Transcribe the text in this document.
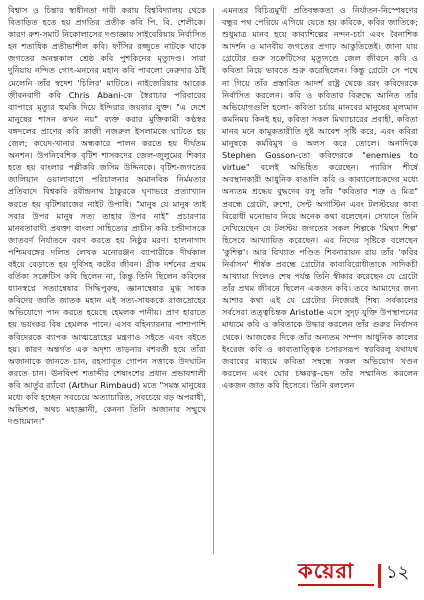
বিশ্বাস ও চিন্তার স্বাধীনতা দাবী করায় বিশ্ববিদ্যালয় থেকে বিতাড়িত হতে হয় প্রগতির প্রতীক কবি পি. বি. শেলীকে। কারণ রুশ-সমাট নিকোলাসের দণ্ডাজ্ঞায় সাইবেরিয়ায় নির্বাসিত হন শতাধিক প্রতীভাশীল কবি। ফাঁসির রজ্জুতে নাটকে থাকে জগতের অনন্তকাল শ্রেষ্ঠ কবি পুশকিনের মৃত্যুদণ্ড। সারা দুনিয়ায় নন্দিত গোৎ-মননের মহান কবি পাবলো নেরুদার ঠাঁই মেলেনি তাঁর স্বদেশ 'চিলির' মাটিতে। নাইজেরিয়ার আরেক জীবনবাদী কবি Chris Abani-কে স্বৈরাচার পরিবারের ব্যাপারে মৃত্যুর হুমকি দিয়ে ইন্দিরার জয়বার যুক্ত। "এ দেশে মানুষের শাসন কখন নয়" ব্যক্ত করার মুক্তিকামী কণ্ঠস্বর বঙ্গদলের প্রাণের কবি কাজী নজরুল ইসলামকে ঘাটতে হয় জেল; কয়েদ-খানার অন্ধকারে পালন করতে হয় দীর্ঘতম অনশন। উপনিবেশিক বৃটিশ শাসকদের জেল-জুলুমের শিকার হতে হয় বাংলার পল্লীকবি জসিম উদ্দিনকে। বৃটিশ-জগতের জালিয়ান ওয়ালাবাগে পরিচালনার অমানবিক নির্মমতার প্রতিবাদে বিশ্বকবি রবীন্দ্রনাথ ঠাকুরকে ঘৃণাভরে প্রত্যাখ্যান করতে হয় বৃটিশরাজের নাইট উপাধি। "মানুষ যে মানুষ তাই সবার উপর মানুষ সত্য তাহার উপর নাই" প্রচারণার মানবতাবাদী প্রবক্তা বাংলা সাহিত্যের প্রাচীন কবি চন্ডীদাসকে জাতবর্ণ নির্যাতনে বরণ করতে হয় নিষ্ঠুর মরণ। হালনাগাদ পশ্চিমবঙ্গের দলিত লেখক মনোরঞ্জন ব্যাপারীকে দীর্ঘকাল বইয়ে বেড়াতে হয় দুর্বিসহ কষ্টের জীবন। গ্রীক দর্শনের প্রথম বর্তিকা সক্রেটিস কবি ছিলেন না, কিন্তু তিনি ছিলেন কবিদের ধ্যানস্বপ্নে সত্যান্বেষার সিদ্ধিপুরুষ, জ্ঞানান্বেষার মুগ্ধ সাধক কবিদের জাতি জাতক মহান এই সত্য-সাধককে রাজদ্রোহের অভিযোগে পান করতে হয়েছে হেমলক পানীয়। প্রাণ হারাতে হয় ভয়ংকর বিষ হেমলক পানে। এসব বহিন্যারনার পাশাপাশি কবিদেরকে ব্যাপক আত্মদ্রোহের মন্ত্রণাও সইতে এবং বইতে হয়। কারণ অন্তর্গত এক অদৃশ্য তাড়নার বশবর্তী হয়ে তাঁরা অজানাকে জানতে চান, রহস্যাবৃত গোপন সত্তাকে উদঘাটন করতে চান। ঊনবিংশ শতাব্দীর শেষাংশের প্রধান প্রভাবশালী কবি আর্তুর র‍্যাঁবো (Arthur Rimbaud) মতে "সমস্ত মানুষের মধ্যে কবি হচ্ছেন সবচেয়ে অত্যাচারিত, সবচেয়ে বড় অপরাধী, অভিশপ্ত, অথচ মহাজ্ঞানী, কেননা তিনি অজানার সম্মুখে দণ্ডায়মান।"

এমনতর বিচিত্রমুখী প্রতিবন্ধকতা ও নির্যাতন-নিস্পেষণের বন্ধুর পথ পেরিয়ে এগিয়ে যেতে হয় কবিকে, কবির জাতিকে; শুধুমাত্র মানব হয়ে কাব্যশিল্পের নন্দন-চর্চা এবং বৈনাশিক আদর্শন ও মানবীয় জগতের প্রগাঢ় আকুতিতেই। জানা যায় গ্রেটোর গুরু সক্রেটিসের মৃত্যুদণ্ডে জেল জীবনে কবি ও কবিতা নিয়ে ভাবতে শুরু করেছিলেন। কিন্তু গ্রেটো সে পথে না গিয়ে তাঁর প্রস্তাবিত আদর্শ রাষ্ট্র থেকে বরং কবিদেরকে নির্বাসিত করলেন। কবি ও কবিতার বিরুদ্ধে আনিত তাঁর অভিযোগগুলি হলো- কবিতা চর্চায় মানবের মানুষের মূল্যমান কমনিময় কিনই হয়, কবিতা সকল মিথ্যাচারের প্রবাহী, কবিতা মানব মনে কামুকতারীতি দুষ্ট আবেশ সৃষ্টি করে, এবং কবিরা মানুষকে কর্মবিমুখ ও অলস করে তোলে। অনাদিকে Stephen Gosson-তো কবিদেরকে "enemies to virtue" বলেই অভিহিত করেছেন। প্যারিস শীর্ষে অবস্থানকারী আধুনিক বাঙালি কবি ও কাব্যালোচকদের মধ্যে অন্যতম শ্রদ্ধেয় বুদ্ধদেব বসু তাঁর "কবিতার শত্রু ও মিত্র" প্রবন্ধে গ্রেটো, রুশো, সেন্ট অগাস্টিন এবং টলস্টয়ের কাব্য বিরোধী মনোভাব নিয়ে অনেক কথা বলেছেন। সেখানে তিনি দেখিয়েছেন যে টলস্টয় জগতের সকল শিল্পকে 'মিথ্যা শিল্প' হিসেবে আখ্যায়িত করেছেন। এর নিদের সৃষ্টিকে বলেছেন 'কুশিল্প'। আর বিখ্যাত পণ্ডিত শিবনারায়ন রায় তাঁর 'কবির নির্বাসন' শীর্ষক প্রবন্ধে গ্রেটোর কাব্যবিরোধীতাকে সাদিকচী আখ্যায়া দিলেও শেষ পর্যন্ত তিনি স্বীকার করেছেন যে গ্রেটো তাঁর প্রথম জীবনে ছিলেন একজন কবি। তবে আমাদের জন্য আশার কথা এই যে গ্রেটোর নিজেরই শিষ্য সর্বকালের সর্বসেরা তত্ত্বচিন্তক Aristotle এসে সুদৃঢ় যুক্তি উপস্থাপনের মাধ্যমে কবি ও কবিতাকে উদ্ধার করলেন তাঁর গুরুর নির্বাসন থেকে। আজকের দিকে তাঁর অন্যতম সম্পদ আধুনিক কালের ইংরেজ কবি ও কাব্যতাত্ত্বিক চসারসরূপ স্বরবিরলু যথাযথ জবাবের মাধ্যমে কবিতা সম্বন্ধে সকল অভিযোগ খণ্ডন করলেন এবং ঘোর চক্ষরত্ন-ভেদ তাঁর সম্মানিত করলেন একজন জাত কবি হিসেবে। তিনি বললেন

কয়েরা ১২
